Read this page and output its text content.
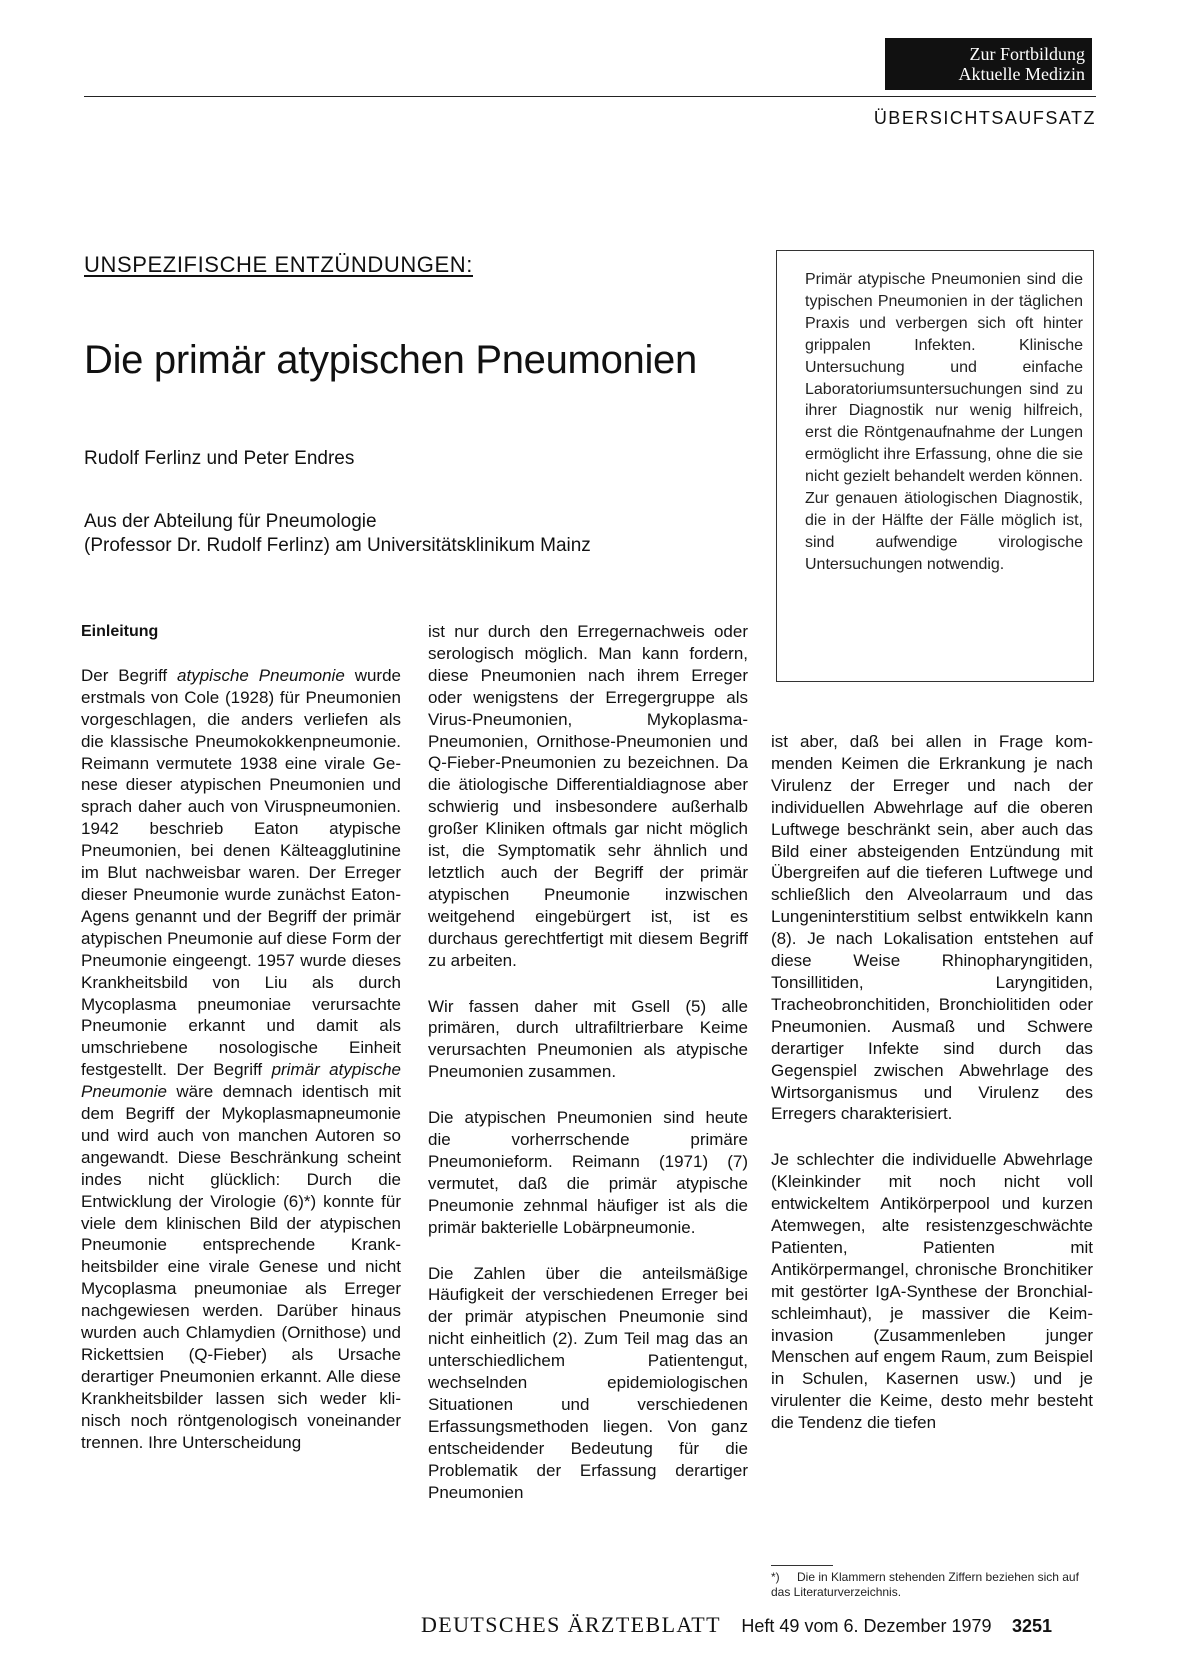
Zur Fortbildung
Aktuelle Medizin
ÜBERSICHTSAUFSATZ
UNSPEZIFISCHE ENTZÜNDUNGEN:
Die primär atypischen Pneumonien
Rudolf Ferlinz und Peter Endres
Aus der Abteilung für Pneumologie
(Professor Dr. Rudolf Ferlinz) am Universitätsklinikum Mainz
Primär atypische Pneumonien sind die typischen Pneumonien in der täglichen Praxis und verbergen sich oft hinter grippalen Infekten. Klinische Untersuchung und einfache Laboratoriumsuntersuchungen sind zu ihrer Diagnostik nur wenig hilfreich, erst die Röntgenaufnahme der Lungen ermöglicht ihre Erfassung, ohne die sie nicht gezielt behandelt werden können. Zur genauen ätiologischen Diagnostik, die in der Hälfte der Fälle möglich ist, sind aufwendige virologische Untersuchungen notwendig.
Einleitung

Der Begriff atypische Pneumonie wurde erstmals von Cole (1928) für Pneumonien vorgeschlagen, die anders verliefen als die klassische Pneumokokkenpneumonie. Reimann vermutete 1938 eine virale Genese dieser atypischen Pneumonien und sprach daher auch von Viruspneumonien. 1942 beschrieb Eaton atypische Pneumonien, bei denen Kälteagglutinine im Blut nachweisbar waren. Der Erreger dieser Pneumonie wurde zunächst Eaton-Agens genannt und der Begriff der primär atypischen Pneumonie auf diese Form der Pneumonie eingeengt. 1957 wurde dieses Krankheitsbild von Liu als durch Mycoplasma pneumoniae verursachte Pneumonie erkannt und damit als umschriebene nosologische Einheit festgestellt. Der Begriff primär atypische Pneumonie wäre demnach identisch mit dem Begriff der Mykoplasmapneumonie und wird auch von manchen Autoren so angewandt. Diese Beschränkung scheint indes nicht glücklich: Durch die Entwicklung der Virologie (6)*) konnte für viele dem klinischen Bild der atypischen Pneumonie entsprechende Krankheitsbilder eine virale Genese und nicht Mycoplasma pneumoniae als Erreger nachgewiesen werden. Darüber hinaus wurden auch Chlamydien (Ornithose) und Rickettsien (Q-Fieber) als Ursache derartiger Pneumonien erkannt. Alle diese Krankheitsbilder lassen sich weder klinisch noch röntgenologisch voneinander trennen. Ihre Unterscheidung

ist nur durch den Erregernachweis oder serologisch möglich. Man kann fordern, diese Pneumonien nach ihrem Erreger oder wenigstens der Erregergruppe als Virus-Pneumonien, Mykoplasma-Pneumonien, Ornithose-Pneumonien und Q-Fieber-Pneumonien zu bezeichnen. Da die ätiologische Differentialdiagnose aber schwierig und insbesondere außerhalb großer Kliniken oftmals gar nicht möglich ist, die Symptomatik sehr ähnlich und letztlich auch der Begriff der primär atypischen Pneumonie inzwischen weitgehend eingebürgert ist, ist es durchaus gerechtfertigt mit diesem Begriff zu arbeiten.

Wir fassen daher mit Gsell (5) alle primären, durch ultrafiltrierbare Keime verursachten Pneumonien als atypische Pneumonien zusammen.

Die atypischen Pneumonien sind heute die vorherrschende primäre Pneumonieform. Reimann (1971) (7) vermutet, daß die primär atypische Pneumonie zehnmal häufiger ist als die primär bakterielle Lobärpneumonie.

Die Zahlen über die anteilsmäßige Häufigkeit der verschiedenen Erreger bei der primär atypischen Pneumonie sind nicht einheitlich (2). Zum Teil mag das an unterschiedlichem Patientengut, wechselnden epidemiologischen Situationen und verschiedenen Erfassungsmethoden liegen. Von ganz entscheidender Bedeutung für die Problematik der Erfassung derartiger Pneumonien

ist aber, daß bei allen in Frage kommenden Keimen die Erkrankung je nach Virulenz der Erreger und nach der individuellen Abwehrlage auf die oberen Luftwege beschränkt sein, aber auch das Bild einer absteigenden Entzündung mit Übergreifen auf die tieferen Luftwege und schließlich den Alveolarraum und das Lungeninterstitium selbst entwikkeln kann (8). Je nach Lokalisation entstehen auf diese Weise Rhinopharyngitiden, Tonsillitiden, Laryngitiden, Tracheobronchitiden, Bronchiolitiden oder Pneumonien. Ausmaß und Schwere derartiger Infekte sind durch das Gegenspiel zwischen Abwehrlage des Wirtsorganismus und Virulenz des Erregers charakterisiert.

Je schlechter die individuelle Abwehrlage (Kleinkinder mit noch nicht voll entwickeltem Antikörperpool und kurzen Atemwegen, alte resistenzgeschwächte Patienten, Patienten mit Antikörpermangel, chronische Bronchitiker mit gestörter IgA-Synthese der Bronchialschleimhaut), je massiver die Keiminvasion (Zusammenleben junger Menschen auf engem Raum, zum Beispiel in Schulen, Kasernen usw.) und je virulenter die Keime, desto mehr besteht die Tendenz die tiefen

*) Die in Klammern stehenden Ziffern beziehen sich auf das Literaturverzeichnis.
DEUTSCHES ÄRZTEBLATT Heft 49 vom 6. Dezember 1979 3251
